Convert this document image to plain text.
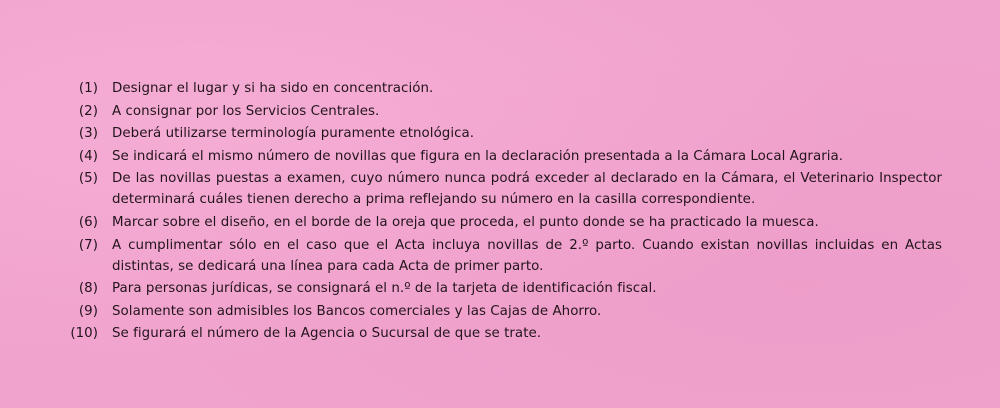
(1) Designar el lugar y si ha sido en concentración.
(2) A consignar por los Servicios Centrales.
(3) Deberá utilizarse terminología puramente etnológica.
(4) Se indicará el mismo número de novillas que figura en la declaración presentada a la Cámara Local Agraria.
(5) De las novillas puestas a examen, cuyo número nunca podrá exceder al declarado en la Cámara, el Veterinario Inspector determinará cuáles tienen derecho a prima reflejando su número en la casilla correspondiente.
(6) Marcar sobre el diseño, en el borde de la oreja que proceda, el punto donde se ha practicado la muesca.
(7) A cumplimentar sólo en el caso que el Acta incluya novillas de 2.º parto. Cuando existan novillas incluidas en Actas distintas, se dedicará una línea para cada Acta de primer parto.
(8) Para personas jurídicas, se consignará el n.º de la tarjeta de identificación fiscal.
(9) Solamente son admisibles los Bancos comerciales y las Cajas de Ahorro.
(10) Se figurará el número de la Agencia o Sucursal de que se trate.
